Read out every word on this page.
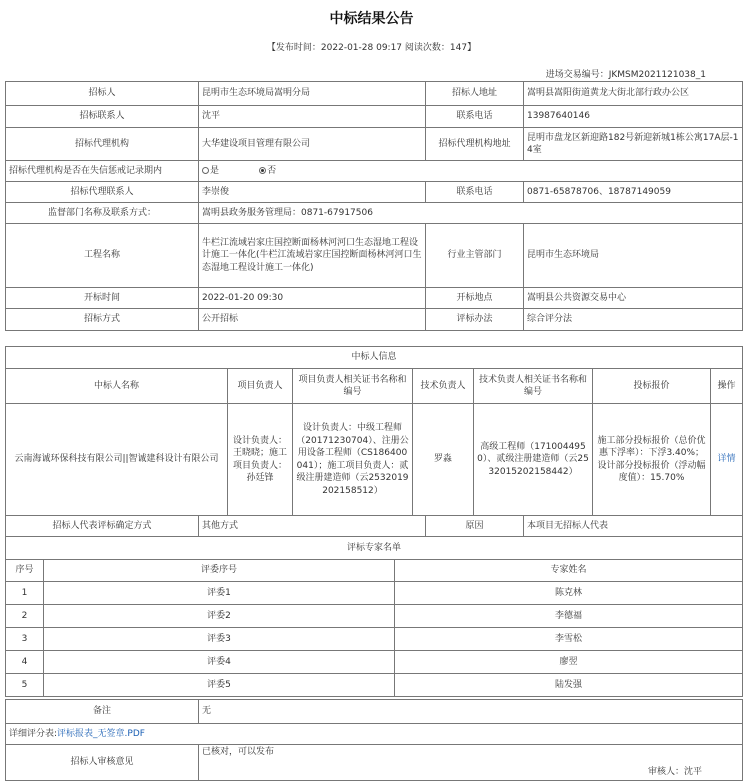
中标结果公告
【发布时间：2022-01-28 09:17 阅读次数：147】
进场交易编号：JKMSM2021121038_1
招标人	昆明市生态环境局嵩明分局	招标人地址	嵩明县嵩阳街道黄龙大街北部行政办公区
招标联系人	沈平	联系电话	13987640146
招标代理机构	大华建设项目管理有限公司	招标代理机构地址	昆明市盘龙区新迎路182号新迎新城1栋公寓17A层-14室
招标代理机构是否在失信惩戒记录期内	是 否		
招标代理联系人	李崇俊	联系电话	0871-65878706、18787149059
监督部门名称及联系方式：	嵩明县政务服务管理局：0871-67917506		
工程名称	牛栏江流域岩家庄国控断面杨林河河口生态湿地工程设计施工一体化(牛栏江流域岩家庄国控断面杨林河河口生态湿地工程设计施工一体化)	行业主管部门	昆明市生态环境局
开标时间	2022-01-20 09:30	开标地点	嵩明县公共资源交易中心
招标方式	公开招标	评标办法	综合评分法
中标人信息						
中标人名称	项目负责人	项目负责人相关证书名称和编号	技术负责人	技术负责人相关证书名称和编号	投标报价	操作
云南海诚环保科技有限公司||智诚建科设计有限公司	设计负责人：王晓晓；施工项目负责人：孙廷锋	设计负责人：中级工程师（20171230704）、注册公用设备工程师（CS186400041）；施工项目负责人：贰级注册建造师（云2532019202158512）	罗淼	高级工程师（1710044950）、贰级注册建造师（云2532015202158442）	施工部分投标报价（总价优惠下浮率）：下浮3.40%；设计部分投标报价（浮动幅度值）：15.70%	详情
招标人代表评标确定方式	其他方式	原因	本项目无招标人代表
评标专家名单		
序号	评委序号	专家姓名
1	评委1	陈克林
2	评委2	李德福
3	评委3	李雪松
4	评委4	廖翌
5	评委5	陆发强
备注	无
详细评分表:评标报表_无签章.PDF	
招标人审核意见	已核对，可以发布
审核人：沈平
